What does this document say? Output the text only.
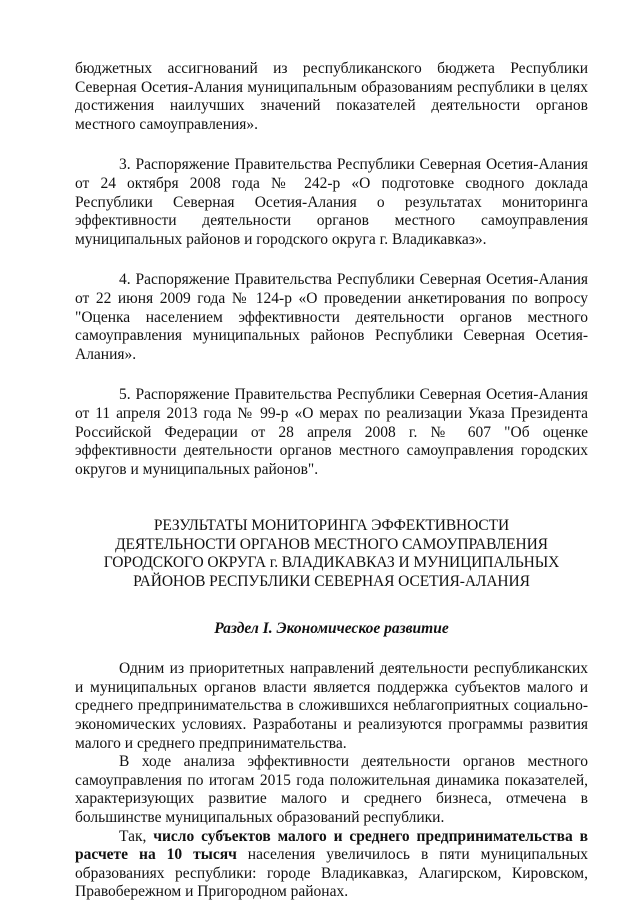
бюджетных ассигнований из республиканского бюджета Республики Северная Осетия-Алания муниципальным образованиям республики в целях достижения наилучших значений показателей деятельности органов местного самоуправления».

3. Распоряжение Правительства Республики Северная Осетия-Алания от 24 октября 2008 года № 242-р «О подготовке сводного доклада Республики Северная Осетия-Алания о результатах мониторинга эффективности деятельности органов местного самоуправления муниципальных районов и городского округа г. Владикавказ».

4. Распоряжение Правительства Республики Северная Осетия-Алания от 22 июня 2009 года № 124-р «О проведении анкетирования по вопросу "Оценка населением эффективности деятельности органов местного самоуправления муниципальных районов Республики Северная Осетия-Алания».

5. Распоряжение Правительства Республики Северная Осетия-Алания от 11 апреля 2013 года № 99-р «О мерах по реализации Указа Президента Российской Федерации от 28 апреля 2008 г. № 607 "Об оценке эффективности деятельности органов местного самоуправления городских округов и муниципальных районов".

РЕЗУЛЬТАТЫ МОНИТОРИНГА ЭФФЕКТИВНОСТИ
ДЕЯТЕЛЬНОСТИ ОРГАНОВ МЕСТНОГО САМОУПРАВЛЕНИЯ
ГОРОДСКОГО ОКРУГА г. ВЛАДИКАВКАЗ И МУНИЦИПАЛЬНЫХ
РАЙОНОВ РЕСПУБЛИКИ СЕВЕРНАЯ ОСЕТИЯ-АЛАНИЯ

Раздел I. Экономическое развитие

Одним из приоритетных направлений деятельности республиканских и муниципальных органов власти является поддержка субъектов малого и среднего предпринимательства в сложившихся неблагоприятных социально-экономических условиях. Разработаны и реализуются программы развития малого и среднего предпринимательства.

В ходе анализа эффективности деятельности органов местного самоуправления по итогам 2015 года положительная динамика показателей, характеризующих развитие малого и среднего бизнеса, отмечена в большинстве муниципальных образований республики.

Так, число субъектов малого и среднего предпринимательства в расчете на 10 тысяч населения увеличилось в пяти муниципальных образованиях республики: городе Владикавказ, Алагирском, Кировском, Правобережном и Пригородном районах.
